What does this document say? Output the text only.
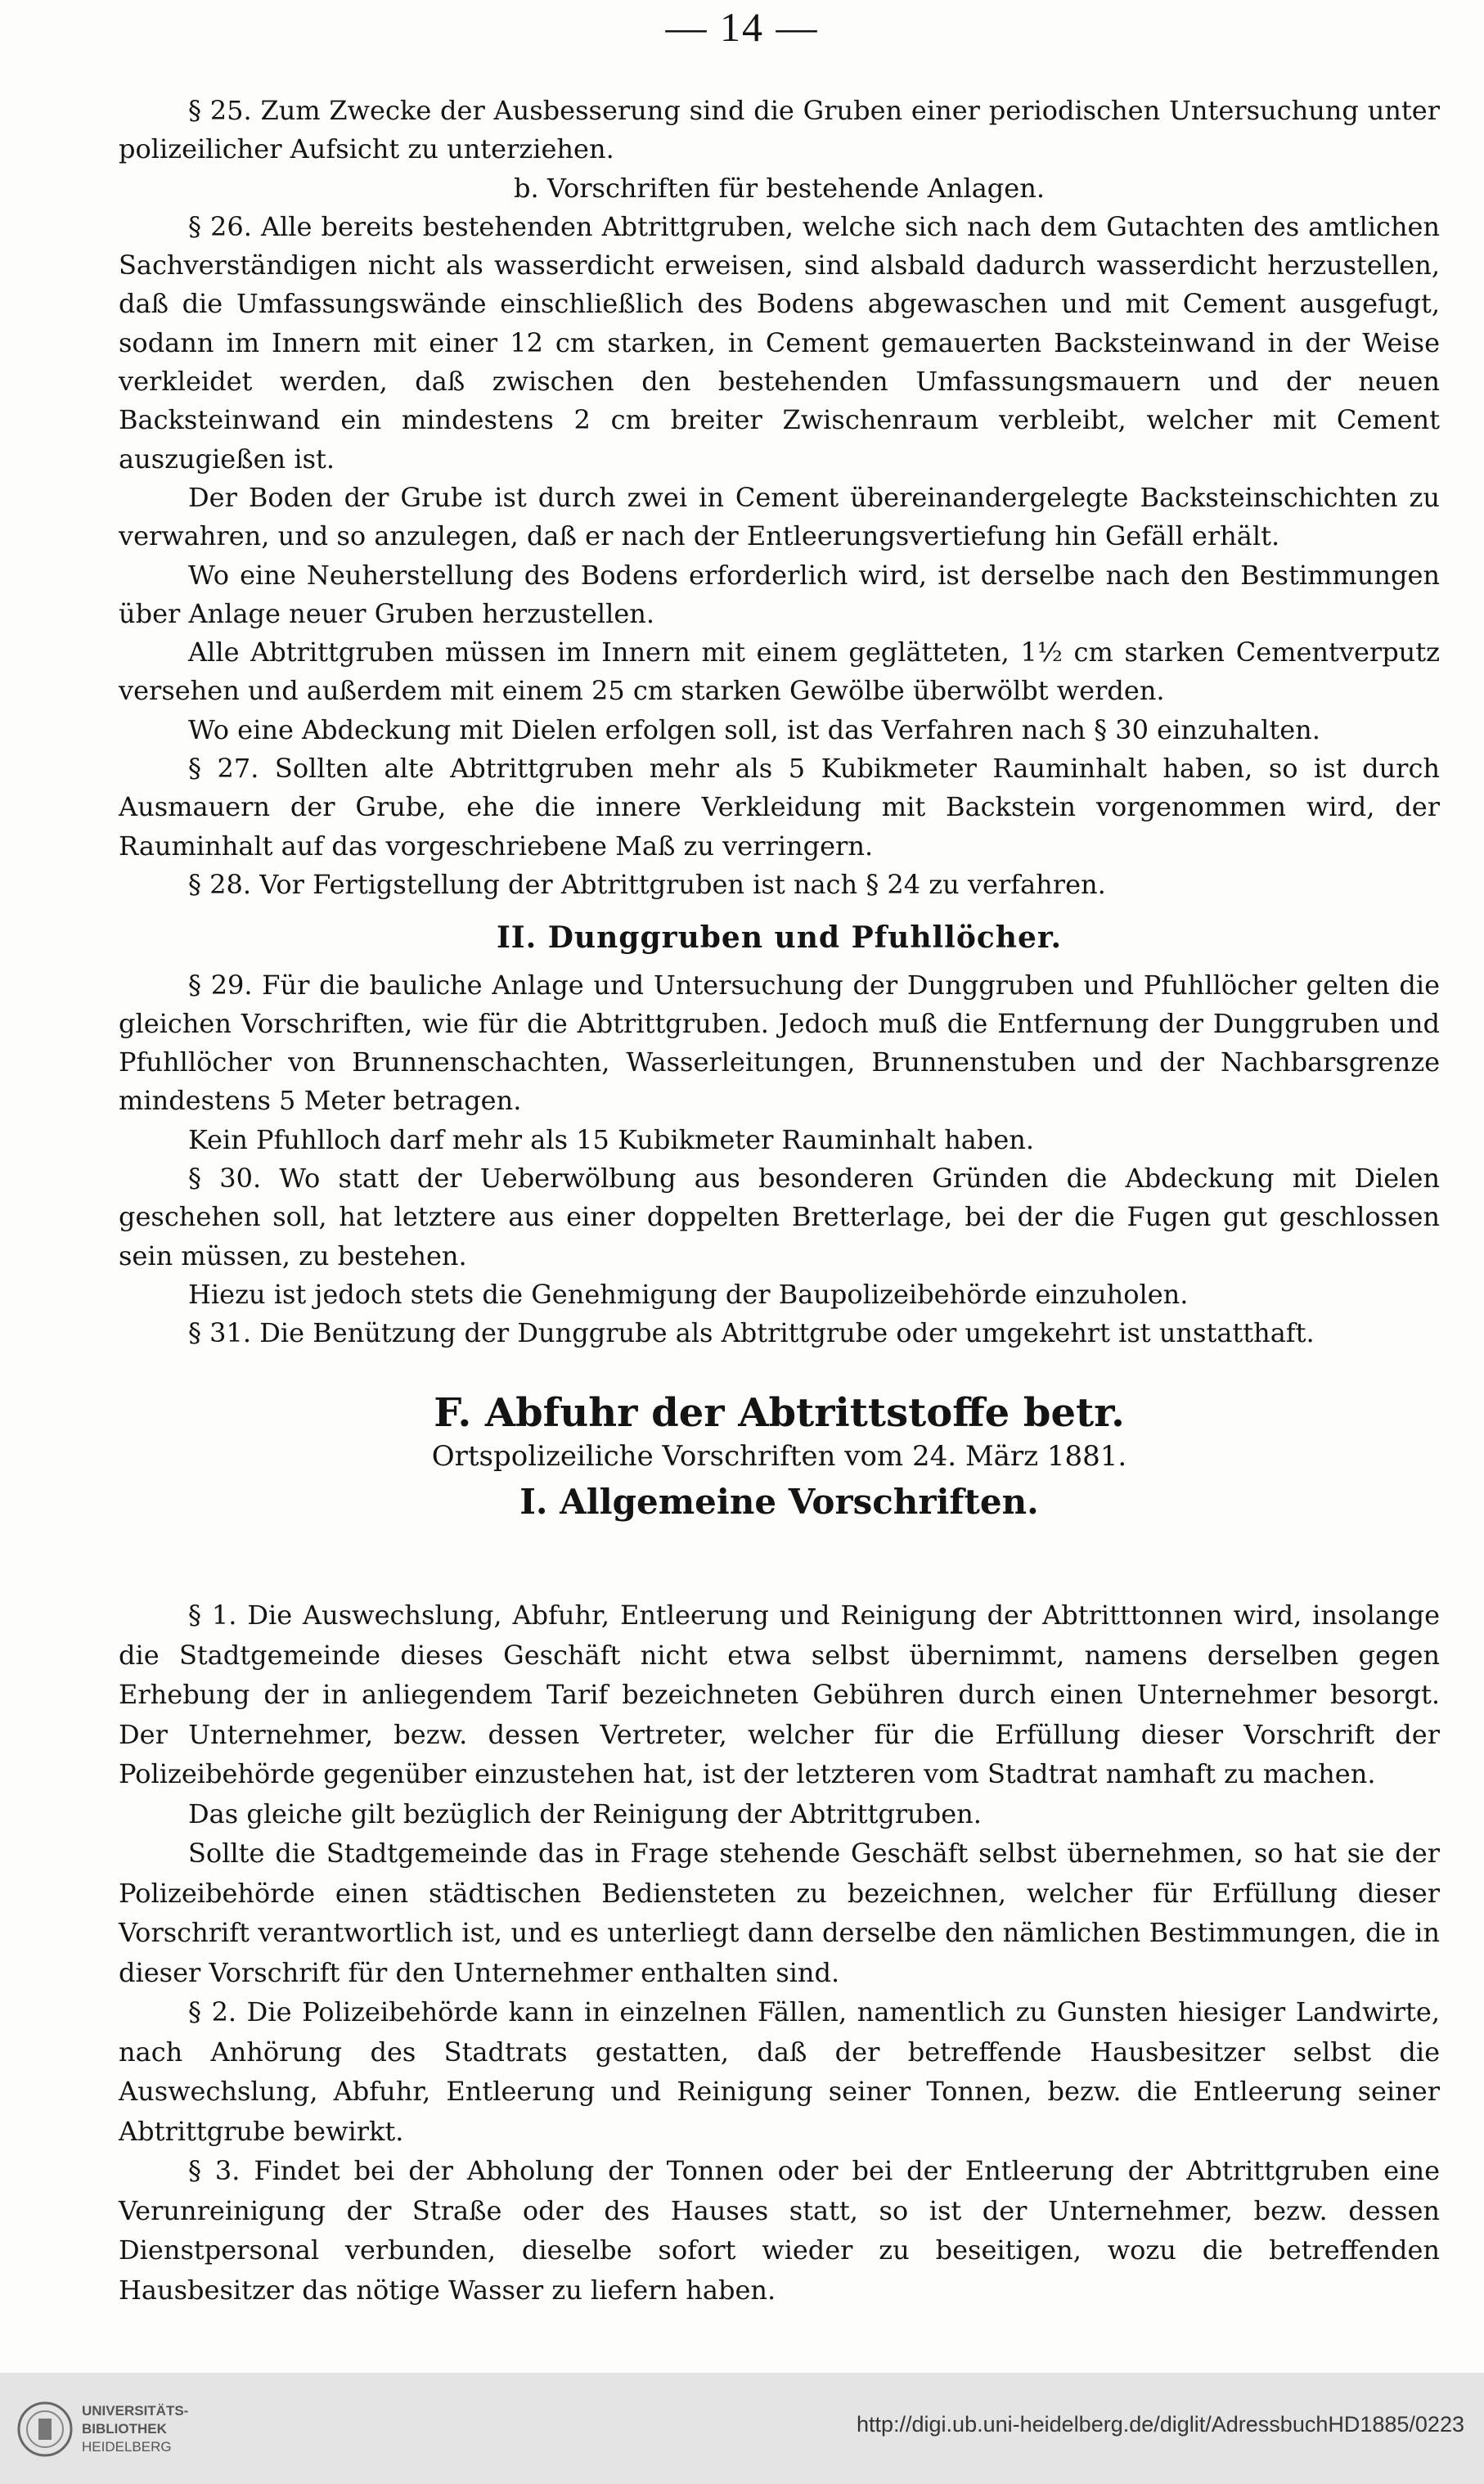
— 14 —

§ 25. Zum Zwecke der Ausbesserung sind die Gruben einer periodischen Untersuchung unter polizeilicher Aufsicht zu unterziehen.

b. Vorschriften für bestehende Anlagen.

§ 26. Alle bereits bestehenden Abtrittgruben, welche sich nach dem Gutachten des amtlichen Sachverständigen nicht als wasserdicht erweisen, sind alsbald dadurch wasserdicht herzustellen, daß die Umfassungswände einschließlich des Bodens abgewaschen und mit Cement ausgefugt, sodann im Innern mit einer 12 cm starken, in Cement gemauerten Backsteinwand in der Weise verkleidet werden, daß zwischen den bestehenden Umfassungsmauern und der neuen Backsteinwand ein mindestens 2 cm breiter Zwischenraum verbleibt, welcher mit Cement auszugießen ist.

Der Boden der Grube ist durch zwei in Cement übereinandergelegte Backsteinschichten zu verwahren, und so anzulegen, daß er nach der Entleerungsvertiefung hin Gefäll erhält.

Wo eine Neuherstellung des Bodens erforderlich wird, ist derselbe nach den Bestimmungen über Anlage neuer Gruben herzustellen.

Alle Abtrittgruben müssen im Innern mit einem geglätteten, 1½ cm starken Cementverputz versehen und außerdem mit einem 25 cm starken Gewölbe überwölbt werden.

Wo eine Abdeckung mit Dielen erfolgen soll, ist das Verfahren nach § 30 einzuhalten.

§ 27. Sollten alte Abtrittgruben mehr als 5 Kubikmeter Rauminhalt haben, so ist durch Ausmauern der Grube, ehe die innere Verkleidung mit Backstein vorgenommen wird, der Rauminhalt auf das vorgeschriebene Maß zu verringern.

§ 28. Vor Fertigstellung der Abtrittgruben ist nach § 24 zu verfahren.

II. Dunggruben und Pfuhllöcher.

§ 29. Für die bauliche Anlage und Untersuchung der Dunggruben und Pfuhllöcher gelten die gleichen Vorschriften, wie für die Abtrittgruben. Jedoch muß die Entfernung der Dunggruben und Pfuhllöcher von Brunnenschachten, Wasserleitungen, Brunnenstuben und der Nachbarsgrenze mindestens 5 Meter betragen.

Kein Pfuhlloch darf mehr als 15 Kubikmeter Rauminhalt haben.

§ 30. Wo statt der Ueberwölbung aus besonderen Gründen die Abdeckung mit Dielen geschehen soll, hat letztere aus einer doppelten Bretterlage, bei der die Fugen gut geschlossen sein müssen, zu bestehen.

Hiezu ist jedoch stets die Genehmigung der Baupolizeibehörde einzuholen.

§ 31. Die Benützung der Dunggrube als Abtrittgrube oder umgekehrt ist unstatthaft.

F. Abfuhr der Abtrittstoffe betr.

Ortspolizeiliche Vorschriften vom 24. März 1881.

I. Allgemeine Vorschriften.

§ 1. Die Auswechslung, Abfuhr, Entleerung und Reinigung der Abtritttonnen wird, insolange die Stadtgemeinde dieses Geschäft nicht etwa selbst übernimmt, namens derselben gegen Erhebung der in anliegendem Tarif bezeichneten Gebühren durch einen Unternehmer besorgt. Der Unternehmer, bezw. dessen Vertreter, welcher für die Erfüllung dieser Vorschrift der Polizeibehörde gegenüber einzustehen hat, ist der letzteren vom Stadtrat namhaft zu machen.

Das gleiche gilt bezüglich der Reinigung der Abtrittgruben.

Sollte die Stadtgemeinde das in Frage stehende Geschäft selbst übernehmen, so hat sie der Polizeibehörde einen städtischen Bediensteten zu bezeichnen, welcher für Erfüllung dieser Vorschrift verantwortlich ist, und es unterliegt dann derselbe den nämlichen Bestimmungen, die in dieser Vorschrift für den Unternehmer enthalten sind.

§ 2. Die Polizeibehörde kann in einzelnen Fällen, namentlich zu Gunsten hiesiger Landwirte, nach Anhörung des Stadtrats gestatten, daß der betreffende Hausbesitzer selbst die Auswechslung, Abfuhr, Entleerung und Reinigung seiner Tonnen, bezw. die Entleerung seiner Abtrittgrube bewirkt.

§ 3. Findet bei der Abholung der Tonnen oder bei der Entleerung der Abtrittgruben eine Verunreinigung der Straße oder des Hauses statt, so ist der Unternehmer, bezw. dessen Dienstpersonal verbunden, dieselbe sofort wieder zu beseitigen, wozu die betreffenden Hausbesitzer das nötige Wasser zu liefern haben.

UNIVERSITÄTS-
BIBLIOTHEK
HEIDELBERG
http://digi.ub.uni-heidelberg.de/diglit/AdressbuchHD1885/0223
